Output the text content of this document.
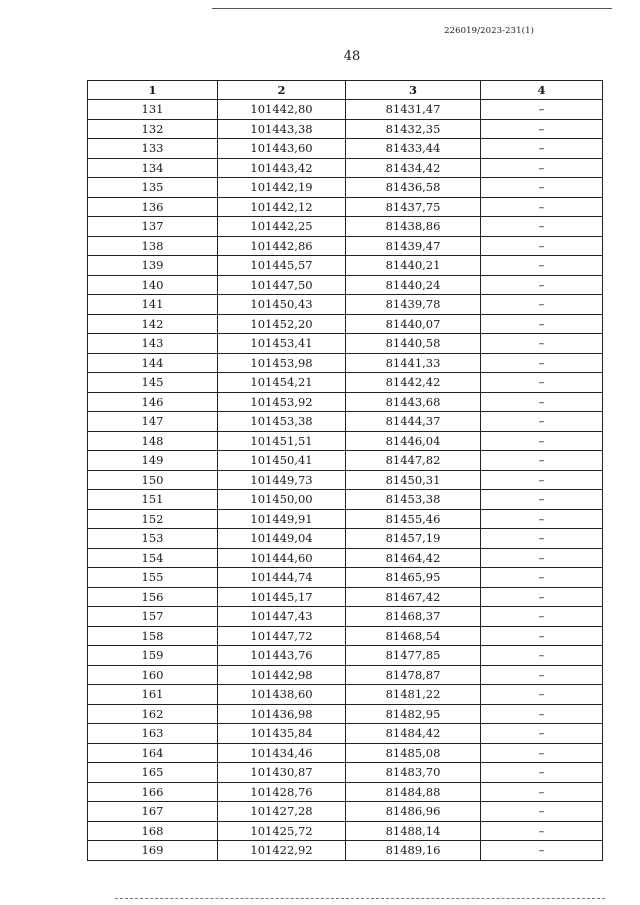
226019/2023-231(1)
48
1	2	3	4
131	101442,80	81431,47	–
132	101443,38	81432,35	–
133	101443,60	81433,44	–
134	101443,42	81434,42	–
135	101442,19	81436,58	–
136	101442,12	81437,75	–
137	101442,25	81438,86	–
138	101442,86	81439,47	–
139	101445,57	81440,21	–
140	101447,50	81440,24	–
141	101450,43	81439,78	–
142	101452,20	81440,07	–
143	101453,41	81440,58	–
144	101453,98	81441,33	–
145	101454,21	81442,42	–
146	101453,92	81443,68	–
147	101453,38	81444,37	–
148	101451,51	81446,04	–
149	101450,41	81447,82	–
150	101449,73	81450,31	–
151	101450,00	81453,38	–
152	101449,91	81455,46	–
153	101449,04	81457,19	–
154	101444,60	81464,42	–
155	101444,74	81465,95	–
156	101445,17	81467,42	–
157	101447,43	81468,37	–
158	101447,72	81468,54	–
159	101443,76	81477,85	–
160	101442,98	81478,87	–
161	101438,60	81481,22	–
162	101436,98	81482,95	–
163	101435,84	81484,42	–
164	101434,46	81485,08	–
165	101430,87	81483,70	–
166	101428,76	81484,88	–
167	101427,28	81486,96	–
168	101425,72	81488,14	–
169	101422,92	81489,16	–
